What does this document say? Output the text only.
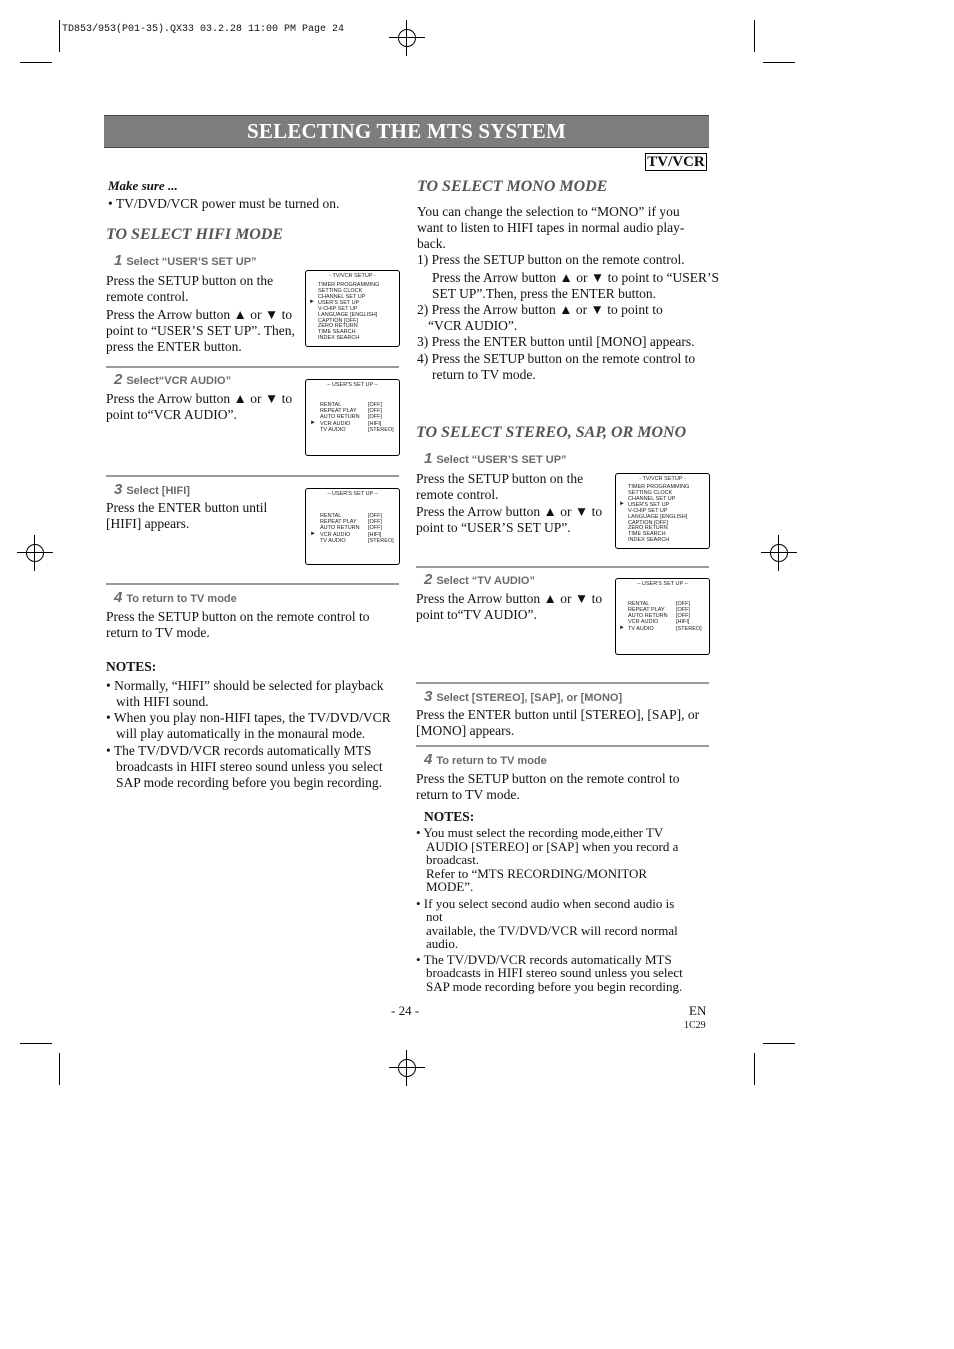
TD853/953(P01-35).QX33 03.2.28 11:00 PM Page 24
SELECTING THE MTS SYSTEM
TV/VCR
Make sure ...
• TV/DVD/VCR power must be turned on.
TO SELECT HIFI MODE
1 Select “USER’S SET UP”
Press the SETUP button on the
remote control.
Press the Arrow button ▲ or ▼ to
point to “USER’S SET UP”. Then,
press the ENTER button.
- TV/VCR SETUP -
TIMER PROGRAMMING
SETTING CLOCK
CHANNEL SET UP
► USER'S SET UP
V-CHIP SET UP
LANGUAGE [ENGLISH]
CAPTION [OFF]
ZERO RETURN
TIME SEARCH
INDEX SEARCH
2 Select“VCR AUDIO”
Press the Arrow button ▲ or ▼ to
point to“VCR AUDIO”.
– USER'S SET UP –
RENTAL	[OFF]
REPEAT PLAY [OFF]
AUTO RETURN [OFF]
► VCR AUDIO	[HIFI]
TV AUDIO	[STEREO]
3 Select [HIFI]
Press the ENTER button until
[HIFI] appears.
– USER'S SET UP –
RENTAL	[OFF]
REPEAT PLAY [OFF]
AUTO RETURN [OFF]
► VCR AUDIO	[HIFI]
TV AUDIO	[STEREO]
4 To return to TV mode
Press the SETUP button on the remote control to
return to TV mode.
NOTES:
• Normally, “HIFI” should be selected for playback
with HIFI sound.
• When you play non-HIFI tapes, the TV/DVD/VCR
will play automatically in the monaural mode.
• The TV/DVD/VCR records automatically MTS
broadcasts in HIFI stereo sound unless you select
SAP mode recording before you begin recording.
TO SELECT MONO MODE
You can change the selection to “MONO” if you
want to listen to HIFI tapes in normal audio play-
back.
1) Press the SETUP button on the remote control.
Press the Arrow button ▲ or ▼ to point to “USER’S
SET UP”.Then, press the ENTER button.
2) Press the Arrow button ▲ or ▼ to point to
“VCR AUDIO”.
3) Press the ENTER button until [MONO] appears.
4) Press the SETUP button on the remote control to
return to TV mode.
TO SELECT STEREO, SAP, OR MONO
1 Select “USER’S SET UP”
Press the SETUP button on the
remote control.
Press the Arrow button ▲ or ▼ to
point to “USER’S SET UP”.
- TV/VCR SETUP -
TIMER PROGRAMMING
SETTING CLOCK
CHANNEL SET UP
► USER'S SET UP
V-CHIP SET UP
LANGUAGE [ENGLISH]
CAPTION [OFF]
ZERO RETURN
TIME SEARCH
INDEX SEARCH
2 Select “TV AUDIO”
Press the Arrow button ▲ or ▼ to
point to“TV AUDIO”.
– USER'S SET UP –
RENTAL	[OFF]
REPEAT PLAY [OFF]
AUTO RETURN [OFF]
VCR AUDIO	[HIFI]
► TV AUDIO	[STEREO]
3 Select [STEREO], [SAP], or [MONO]
Press the ENTER button until [STEREO], [SAP], or
[MONO] appears.
4 To return to TV mode
Press the SETUP button on the remote control to
return to TV mode.
NOTES:
• You must select the recording mode,either TV
AUDIO [STEREO] or [SAP] when you record a
broadcast.
Refer to “MTS RECORDING/MONITOR
MODE”.
• If you select second audio when second audio is
not
available, the TV/DVD/VCR will record normal
audio.
• The TV/DVD/VCR records automatically MTS
broadcasts in HIFI stereo sound unless you select
SAP mode recording before you begin recording.
- 24 -	EN
1C29
